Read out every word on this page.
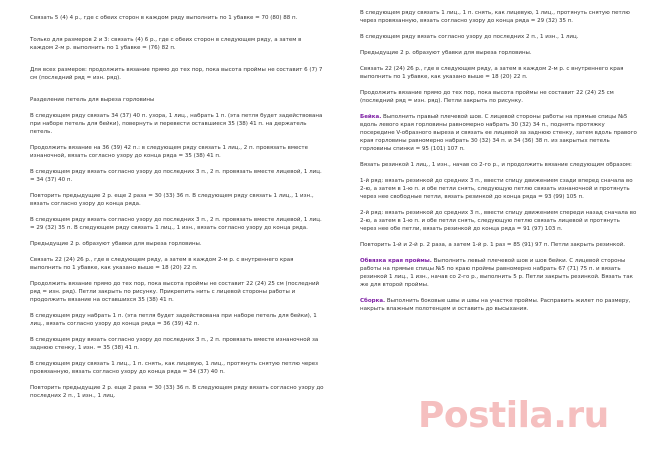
Связать 5 (4) 4 р., где с обеих сторон в каждом ряду выполнить по 1 убавке = 70 (80) 88 п.

Только для размеров 2 и 3: связать (4) 6 р., где с обеих сторон в следующем ряду, а затем в каждом 2-м р. выполнить по 1 убавке = (76) 82 п.

Для всех размеров: продолжить вязание прямо до тех пор, пока высота проймы не составит 6 (7) 7 см (последний ряд = изн. ряд).

Разделение петель для выреза горловины

В следующем ряду связать 34 (37) 40 п. узора, 1 лиц., набрать 1 п. (эта петля будет задействована при наборе петель для бейки), повернуть и перевести оставшиеся 35 (38) 41 п. на держатель петель.

Продолжить вязание на 36 (39) 42 п.: в следующем ряду связать 1 лиц., 2 п. провязать вместе изнаночной, вязать согласно узору до конца ряда = 35 (38) 41 п.

В следующем ряду вязать согласно узору до последних 3 п., 2 п. провязать вместе лицевой, 1 лиц. = 34 (37) 40 п.

Повторить предыдущие 2 р. еще 2 раза = 30 (33) 36 п. В следующем ряду связать 1 лиц., 1 изн., вязать согласно узору до конца ряда.

В следующем ряду вязать согласно узору до последних 3 п., 2 п. провязать вместе лицевой, 1 лиц. = 29 (32) 35 п. В следующем ряду связать 1 лиц., 1 изн., вязать согласно узору до конца ряда.

Предыдущие 2 р. образуют убавки для выреза горловины.

Связать 22 (24) 26 р., где в следующем ряду, а затем в каждом 2-м р. с внутреннего края выполнить по 1 убавке, как указано выше = 18 (20) 22 п.

Продолжить вязание прямо до тех пор, пока высота проймы не составит 22 (24) 25 см (последний ряд = изн. ряд). Петли закрыть по рисунку. Прикрепить нить с лицевой стороны работы и продолжить вязание на оставшихся 35 (38) 41 п.

В следующем ряду набрать 1 п. (эта петля будет задействована при наборе петель для бейки), 1 лиц., вязать согласно узору до конца ряда = 36 (39) 42 п.

В следующем ряду вязать согласно узору до последних 3 п., 2 п. провязать вместе изнаночной за заднюю стенку, 1 изн. = 35 (38) 41 п.

В следующем ряду связать 1 лиц., 1 п. снять, как лицевую, 1 лиц., протянуть снятую петлю через провязанную, вязать согласно узору до конца ряда = 34 (37) 40 п.

Повторить предыдущие 2 р. еще 2 раза = 30 (33) 36 п. В следующем ряду вязать согласно узору до последних 2 п., 1 изн., 1 лиц.

В следующем ряду связать 1 лиц., 1 п. снять, как лицевую, 1 лиц., протянуть снятую петлю через провязанную, вязать согласно узору до конца ряда = 29 (32) 35 п.

В следующем ряду вязать согласно узору до последних 2 п., 1 изн., 1 лиц.

Предыдущие 2 р. образуют убавки для выреза горловины.

Связать 22 (24) 26 р., где в следующем ряду, а затем в каждом 2-м р. с внутреннего края выполнить по 1 убавке, как указано выше = 18 (20) 22 п.

Продолжить вязание прямо до тех пор, пока высота проймы не составит 22 (24) 25 см (последний ряд = изн. ряд). Петли закрыть по рисунку.

Бейка. Выполнить правый плечевой шов. С лицевой стороны работы на прямые спицы №5 вдоль левого края горловины равномерно набрать 30 (32) 34 п., поднять протяжку посередине V-образного выреза и связать ее лицевой за заднюю стенку, затем вдоль правого края горловины равномерно набрать 30 (32) 34 п. и 34 (36) 38 п. из закрытых петель горловины спинки = 95 (101) 107 п.

Вязать резинкой 1 лиц., 1 изн., начав со 2-го р., и продолжить вязание следующим образом:

1-й ряд: вязать резинкой до средних 3 п., ввести спицу движением сзади вперед сначала во 2-ю, а затем в 1-ю п. и обе петли снять, следующую петлю связать изнаночной и протянуть через нее свободные петли, вязать резинкой до конца ряда = 93 (99) 105 п.

2-й ряд: вязать резинкой до средних 3 п., ввести спицу движением спереди назад сначала во 2-ю, а затем в 1-ю п. и обе петли снять, следующую петлю связать лицевой и протянуть через нее обе петли, вязать резинкой до конца ряда = 91 (97) 103 п.

Повторить 1-й и 2-й р. 2 раза, а затем 1-й р. 1 раз = 85 (91) 97 п. Петли закрыть резинкой.

Обвязка края проймы. Выполнить левый плечевой шов и шов бейки. С лицевой стороны работы на прямые спицы №5 по краю проймы равномерно набрать 67 (71) 75 п. и вязать резинкой 1 лиц., 1 изн., начав со 2-го р., выполнить 5 р. Петли закрыть резинкой. Вязать так же для второй проймы.

Сборка. Выполнить боковые швы и швы на участке проймы. Расправить жилет по размеру, накрыть влажным полотенцем и оставить до высыхания.

Postila.ru
